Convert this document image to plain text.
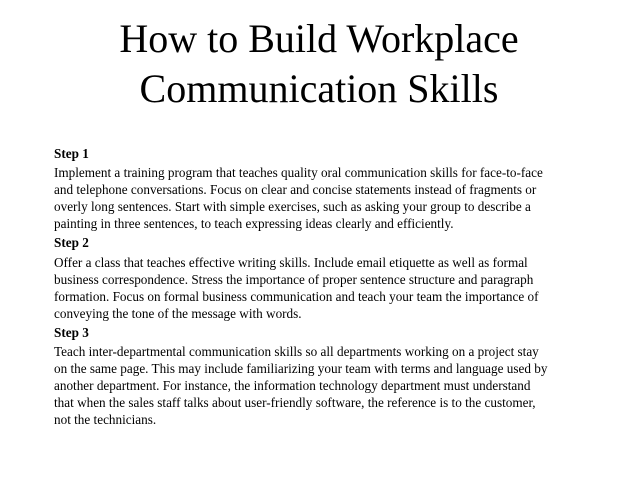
How to Build Workplace
Communication Skills
Step 1
Implement a training program that teaches quality oral communication skills for face-to-face
and telephone conversations. Focus on clear and concise statements instead of fragments or
overly long sentences. Start with simple exercises, such as asking your group to describe a
painting in three sentences, to teach expressing ideas clearly and efficiently.
Step 2
Offer a class that teaches effective writing skills. Include email etiquette as well as formal
business correspondence. Stress the importance of proper sentence structure and paragraph
formation. Focus on formal business communication and teach your team the importance of
conveying the tone of the message with words.
Step 3
Teach inter-departmental communication skills so all departments working on a project stay
on the same page. This may include familiarizing your team with terms and language used by
another department. For instance, the information technology department must understand
that when the sales staff talks about user-friendly software, the reference is to the customer,
not the technicians.
